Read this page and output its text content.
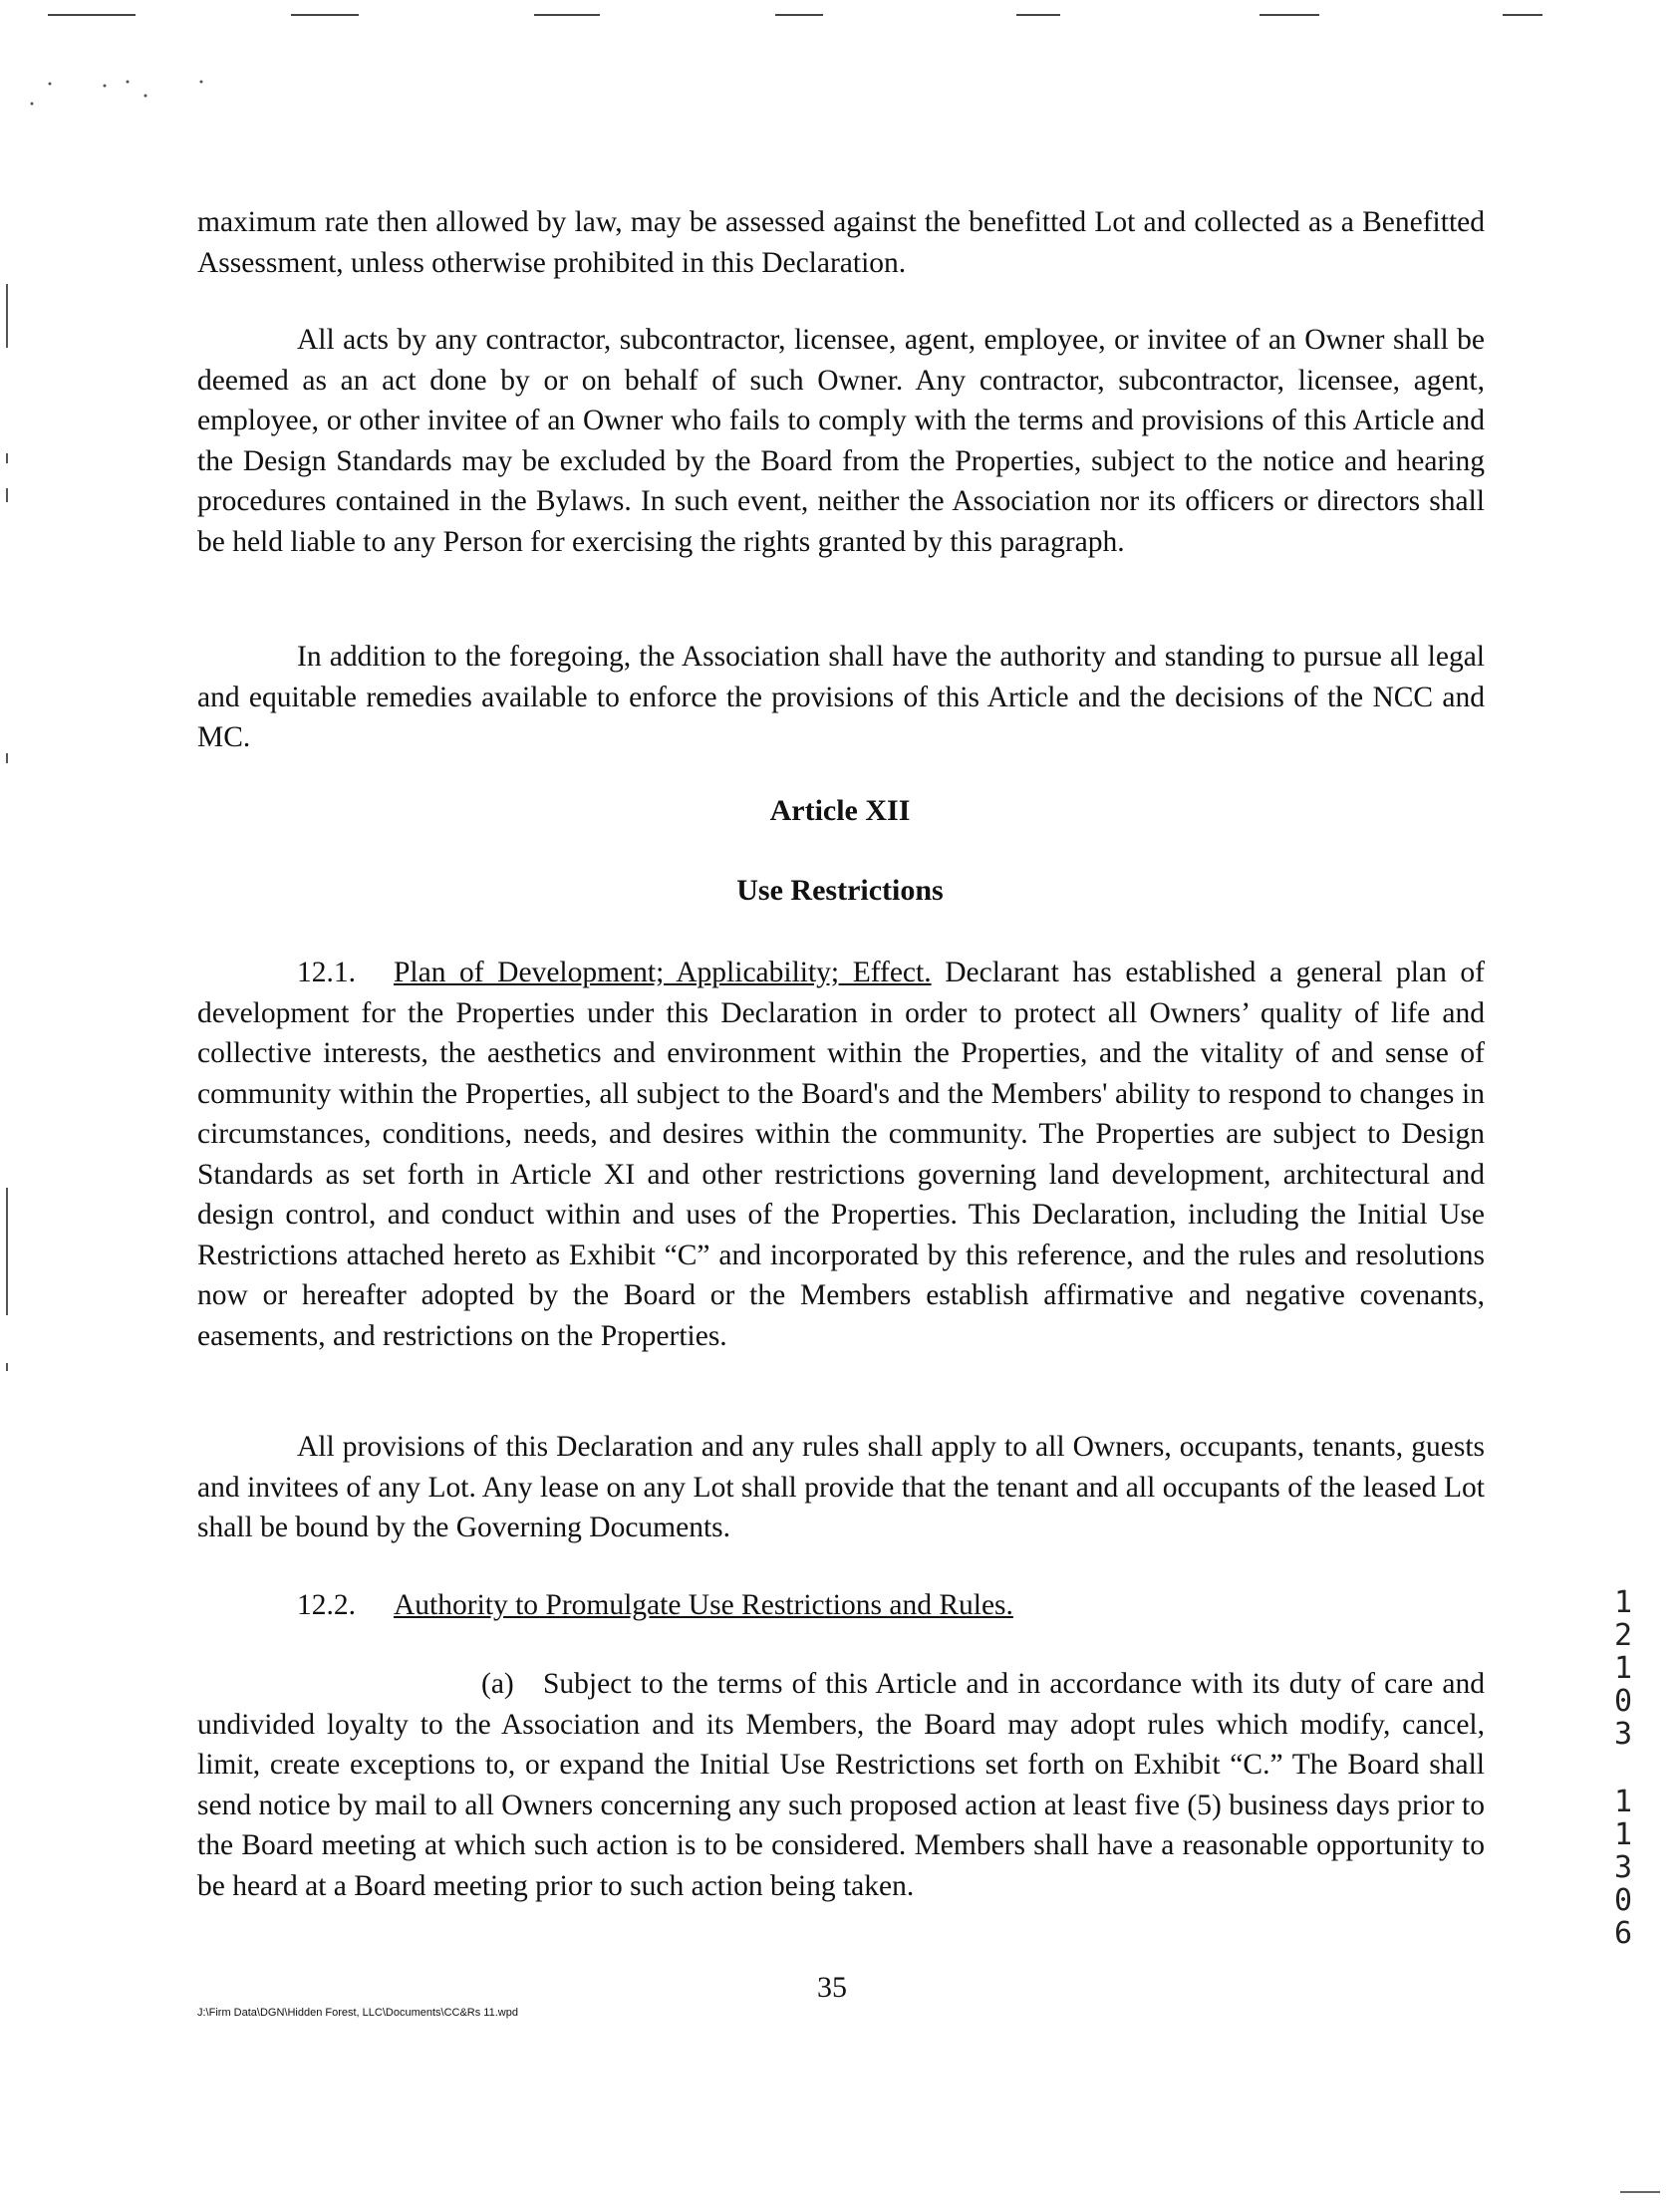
maximum rate then allowed by law, may be assessed against the benefitted Lot and collected as a Benefitted Assessment, unless otherwise prohibited in this Declaration.

All acts by any contractor, subcontractor, licensee, agent, employee, or invitee of an Owner shall be deemed as an act done by or on behalf of such Owner. Any contractor, subcontractor, licensee, agent, employee, or other invitee of an Owner who fails to comply with the terms and provisions of this Article and the Design Standards may be excluded by the Board from the Properties, subject to the notice and hearing procedures contained in the Bylaws. In such event, neither the Association nor its officers or directors shall be held liable to any Person for exercising the rights granted by this paragraph.

In addition to the foregoing, the Association shall have the authority and standing to pursue all legal and equitable remedies available to enforce the provisions of this Article and the decisions of the NCC and MC.

Article XII
Use Restrictions

12.1. Plan of Development; Applicability; Effect. Declarant has established a general plan of development for the Properties under this Declaration in order to protect all Owners’ quality of life and collective interests, the aesthetics and environment within the Properties, and the vitality of and sense of community within the Properties, all subject to the Board's and the Members' ability to respond to changes in circumstances, conditions, needs, and desires within the community. The Properties are subject to Design Standards as set forth in Article XI and other restrictions governing land development, architectural and design control, and conduct within and uses of the Properties. This Declaration, including the Initial Use Restrictions attached hereto as Exhibit “C” and incorporated by this reference, and the rules and resolutions now or hereafter adopted by the Board or the Members establish affirmative and negative covenants, easements, and restrictions on the Properties.

All provisions of this Declaration and any rules shall apply to all Owners, occupants, tenants, guests and invitees of any Lot. Any lease on any Lot shall provide that the tenant and all occupants of the leased Lot shall be bound by the Governing Documents.

12.2. Authority to Promulgate Use Restrictions and Rules.

(a) Subject to the terms of this Article and in accordance with its duty of care and undivided loyalty to the Association and its Members, the Board may adopt rules which modify, cancel, limit, create exceptions to, or expand the Initial Use Restrictions set forth on Exhibit “C.” The Board shall send notice by mail to all Owners concerning any such proposed action at least five (5) business days prior to the Board meeting at which such action is to be considered. Members shall have a reasonable opportunity to be heard at a Board meeting prior to such action being taken.

35
J:\Firm Data\DGN\Hidden Forest, LLC\Documents\CC&Rs 11.wpd
1
2
1
0
3
1
1
3
0
6
